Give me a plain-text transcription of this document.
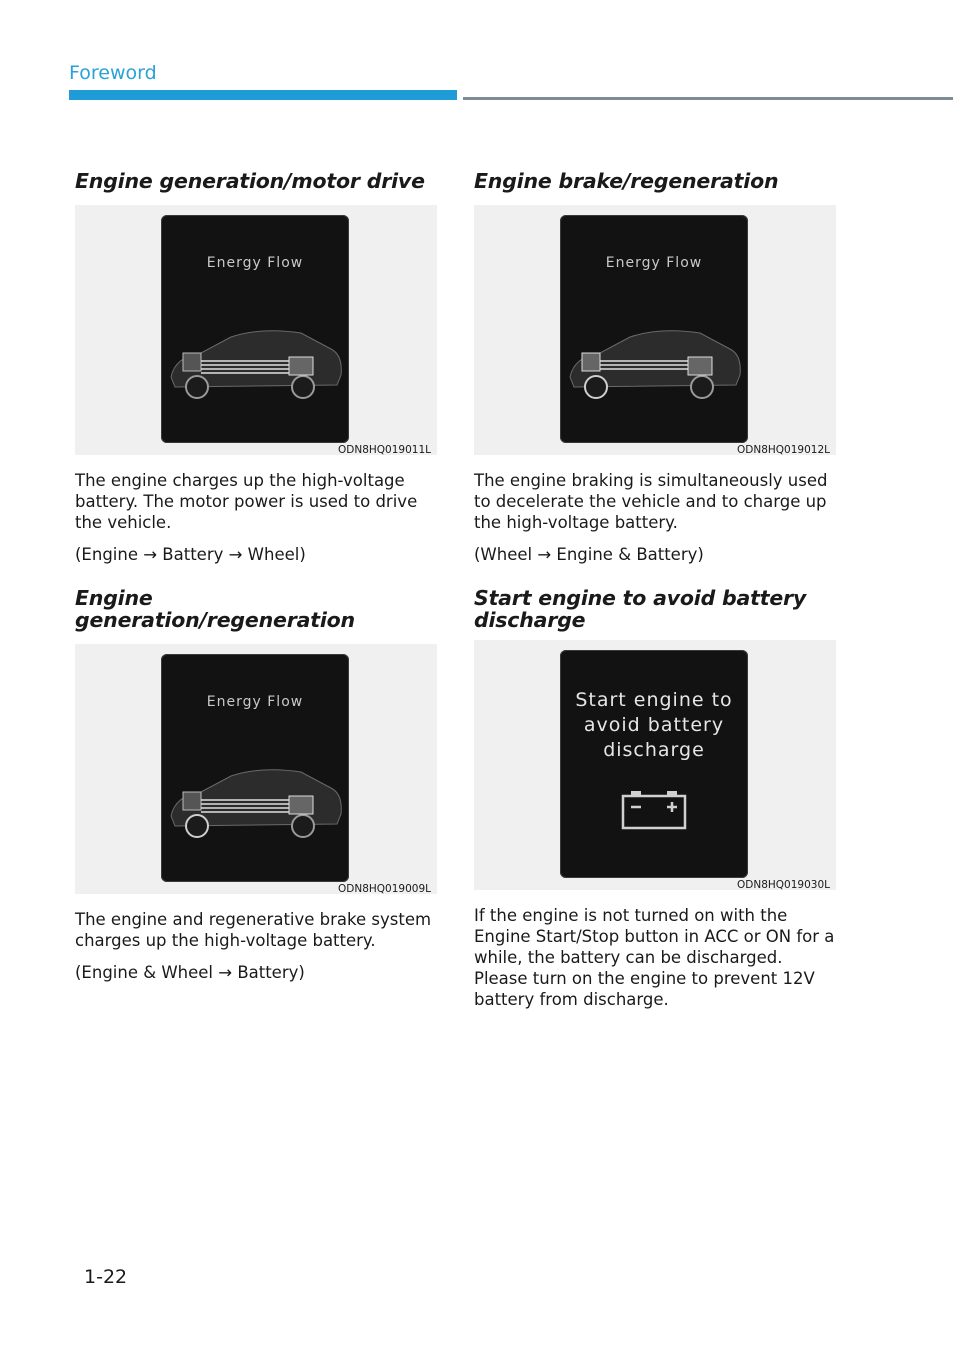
Foreword
Engine generation/motor drive
Energy Flow
ODN8HQ019011L

The engine charges up the high-voltage battery. The motor power is used to drive the vehicle.

(Engine → Battery → Wheel)

Engine generation/regeneration
Energy Flow
ODN8HQ019009L

The engine and regenerative brake system charges up the high-voltage battery.

(Engine & Wheel → Battery)

Engine brake/regeneration
Energy Flow
ODN8HQ019012L

The engine braking is simultaneously used to decelerate the vehicle and to charge up the high-voltage battery.

(Wheel → Engine & Battery)

Start engine to avoid battery discharge
Start engine to
avoid battery
discharge
ODN8HQ019030L

If the engine is not turned on with the Engine Start/Stop button in ACC or ON for a while, the battery can be discharged. Please turn on the engine to prevent 12V battery from discharge.

1-22
